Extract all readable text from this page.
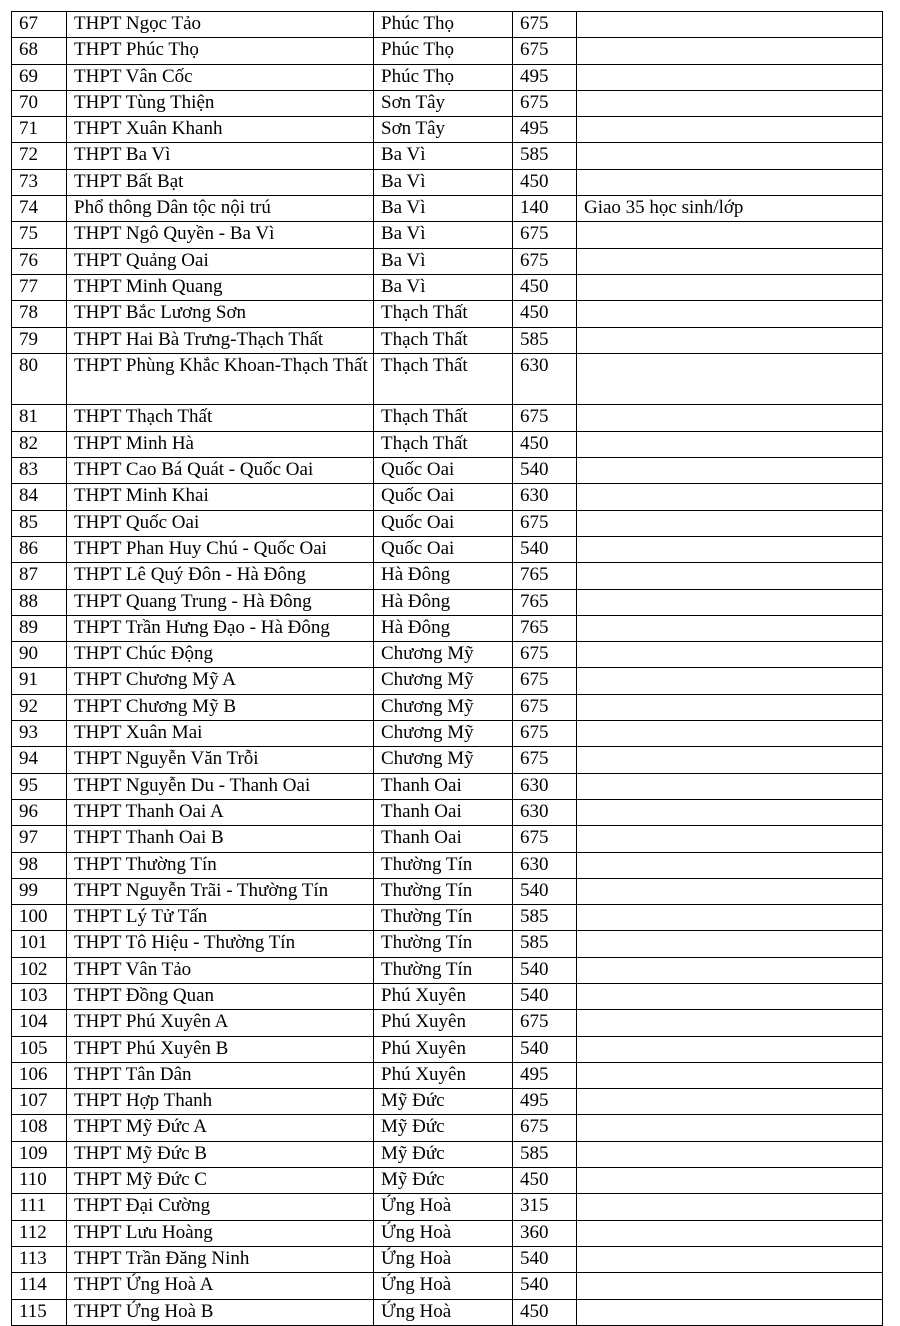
67	THPT Ngọc Tảo	Phúc Thọ	675	
68	THPT Phúc Thọ	Phúc Thọ	675	
69	THPT Vân Cốc	Phúc Thọ	495	
70	THPT Tùng Thiện	Sơn Tây	675	
71	THPT Xuân Khanh	Sơn Tây	495	
72	THPT Ba Vì	Ba Vì	585	
73	THPT Bất Bạt	Ba Vì	450	
74	Phổ thông Dân tộc nội trú	Ba Vì	140	Giao 35 học sinh/lớp
75	THPT Ngô Quyền - Ba Vì	Ba Vì	675	
76	THPT Quảng Oai	Ba Vì	675	
77	THPT Minh Quang	Ba Vì	450	
78	THPT Bắc Lương Sơn	Thạch Thất	450	
79	THPT Hai Bà Trưng-Thạch Thất	Thạch Thất	585	
80	THPT Phùng Khắc Khoan-Thạch Thất	Thạch Thất	630	
81	THPT Thạch Thất	Thạch Thất	675	
82	THPT Minh Hà	Thạch Thất	450	
83	THPT Cao Bá Quát - Quốc Oai	Quốc Oai	540	
84	THPT Minh Khai	Quốc Oai	630	
85	THPT Quốc Oai	Quốc Oai	675	
86	THPT Phan Huy Chú - Quốc Oai	Quốc Oai	540	
87	THPT Lê Quý Đôn - Hà Đông	Hà Đông	765	
88	THPT Quang Trung - Hà Đông	Hà Đông	765	
89	THPT Trần Hưng Đạo - Hà Đông	Hà Đông	765	
90	THPT Chúc Động	Chương Mỹ	675	
91	THPT Chương Mỹ A	Chương Mỹ	675	
92	THPT Chương Mỹ B	Chương Mỹ	675	
93	THPT Xuân Mai	Chương Mỹ	675	
94	THPT Nguyễn Văn Trỗi	Chương Mỹ	675	
95	THPT Nguyễn Du - Thanh Oai	Thanh Oai	630	
96	THPT Thanh Oai A	Thanh Oai	630	
97	THPT Thanh Oai B	Thanh Oai	675	
98	THPT Thường Tín	Thường Tín	630	
99	THPT Nguyễn Trãi - Thường Tín	Thường Tín	540	
100	THPT Lý Tử Tấn	Thường Tín	585	
101	THPT Tô Hiệu - Thường Tín	Thường Tín	585	
102	THPT Vân Tảo	Thường Tín	540	
103	THPT Đồng Quan	Phú Xuyên	540	
104	THPT Phú Xuyên A	Phú Xuyên	675	
105	THPT Phú Xuyên B	Phú Xuyên	540	
106	THPT Tân Dân	Phú Xuyên	495	
107	THPT Hợp Thanh	Mỹ Đức	495	
108	THPT Mỹ Đức A	Mỹ Đức	675	
109	THPT Mỹ Đức B	Mỹ Đức	585	
110	THPT Mỹ Đức C	Mỹ Đức	450	
111	THPT Đại Cường	Ứng Hoà	315	
112	THPT Lưu Hoàng	Ứng Hoà	360	
113	THPT Trần Đăng Ninh	Ứng Hoà	540	
114	THPT Ứng Hoà A	Ứng Hoà	540	
115	THPT Ứng Hoà B	Ứng Hoà	450	
